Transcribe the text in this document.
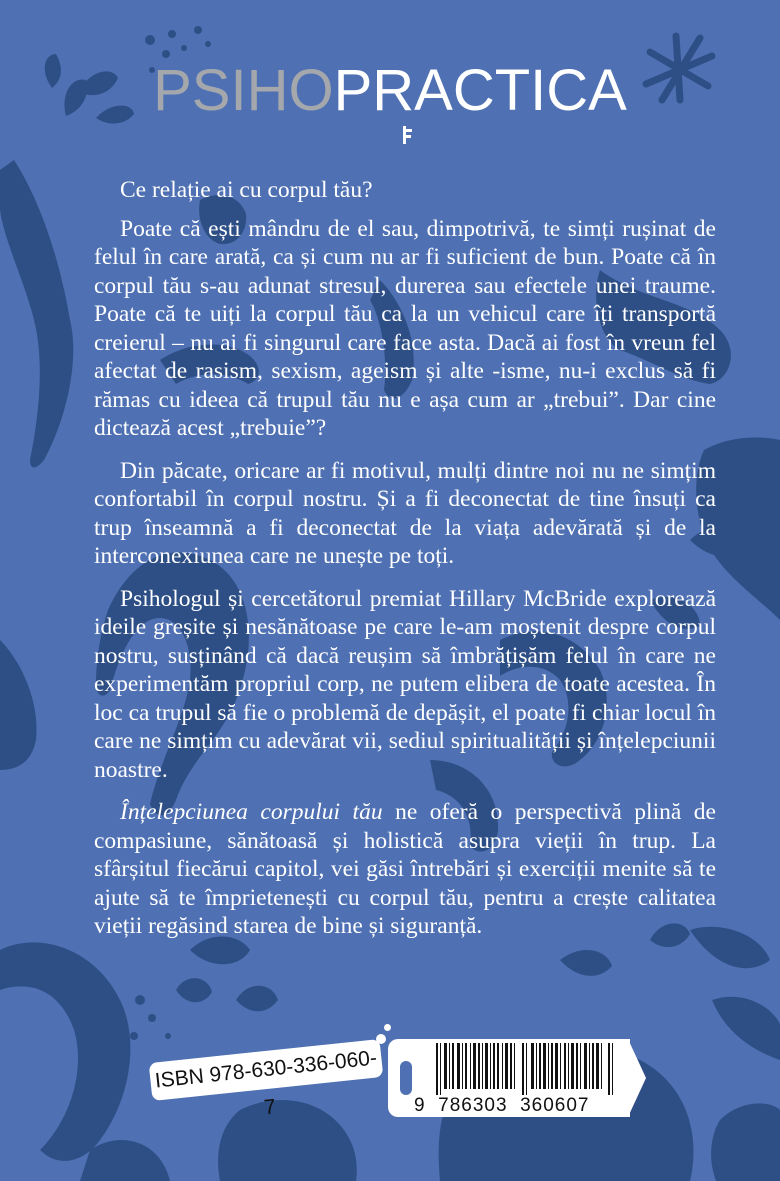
PSIHOPRACTICA

Ce relație ai cu corpul tău?

Poate că ești mândru de el sau, dimpotrivă, te simți rușinat de felul în care arată, ca și cum nu ar fi suficient de bun. Poate că în corpul tău s-au adunat stresul, durerea sau efectele unei traume. Poate că te uiți la corpul tău ca la un vehicul care îți transportă creierul – nu ai fi singurul care face asta. Dacă ai fost în vreun fel afectat de rasism, sexism, ageism și alte -isme, nu-i exclus să fi rămas cu ideea că trupul tău nu e așa cum ar „trebui”. Dar cine dictează acest „trebuie”?

Din păcate, oricare ar fi motivul, mulți dintre noi nu ne simțim confortabil în corpul nostru. Și a fi deconectat de tine însuți ca trup înseamnă a fi deconectat de la viața adevărată și de la interconexiunea care ne unește pe toți.

Psihologul și cercetătorul premiat Hillary McBride explorează ideile greșite și nesănătoase pe care le-am moștenit despre corpul nostru, susținând că dacă reușim să îmbrățișăm felul în care ne experimentăm propriul corp, ne putem elibera de toate acestea. În loc ca trupul să fie o problemă de depășit, el poate fi chiar locul în care ne simțim cu adevărat vii, sediul spiritualității și înțelepciunii noastre.

Înțelepciunea corpului tău ne oferă o perspectivă plină de compasiune, sănătoasă și holistică asupra vieții în trup. La sfârșitul fiecărui capitol, vei găsi întrebări și exerciții menite să te ajute să te împrietenești cu corpul tău, pentru a crește calitatea vieții regăsind starea de bine și siguranță.

ISBN 978-630-336-060-7	9  786303  360607
